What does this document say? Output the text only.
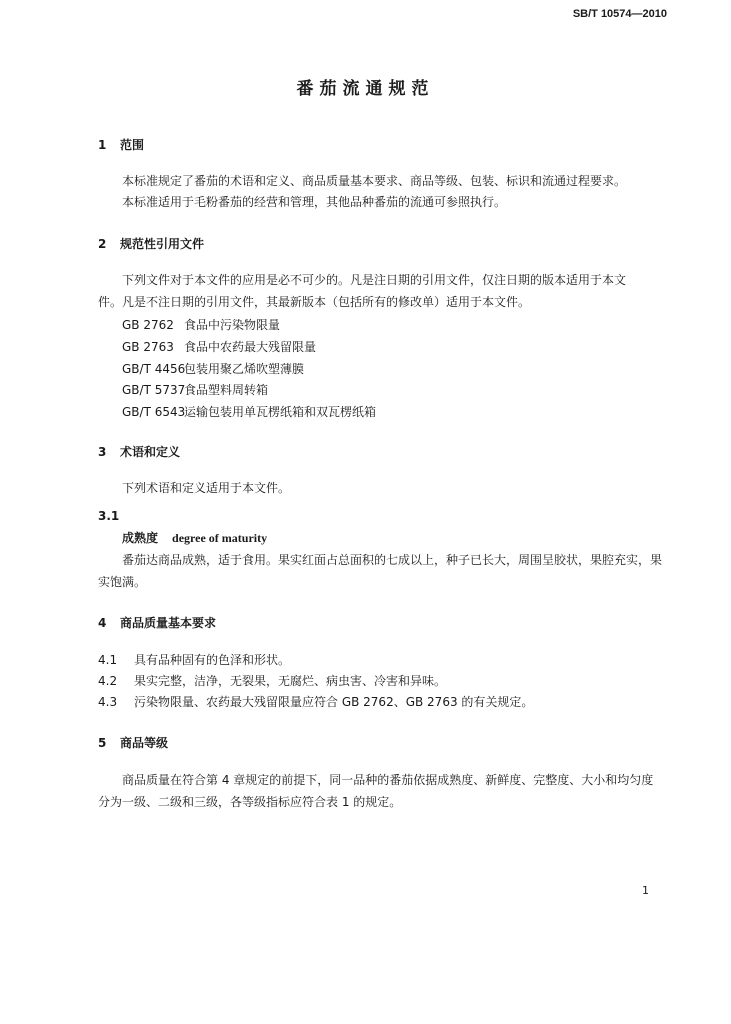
SB/T 10574—2010
番茄流通规范
1 范围
本标准规定了番茄的术语和定义、商品质量基本要求、商品等级、包装、标识和流通过程要求。
本标准适用于毛粉番茄的经营和管理，其他品种番茄的流通可参照执行。
2 规范性引用文件
下列文件对于本文件的应用是必不可少的。凡是注日期的引用文件，仅注日期的版本适用于本文
件。凡是不注日期的引用文件，其最新版本（包括所有的修改单）适用于本文件。
GB 2762 食品中污染物限量
GB 2763 食品中农药最大残留限量
GB/T 4456包装用聚乙烯吹塑薄膜
GB/T 5737食品塑料周转箱
GB/T 6543运输包装用单瓦楞纸箱和双瓦楞纸箱
3 术语和定义
下列术语和定义适用于本文件。
3.1
成熟度 degree of maturity
番茄达商品成熟，适于食用。果实红面占总面积的七成以上，种子已长大，周围呈胶状，果腔充实，果
实饱满。
4 商品质量基本要求
4.1 具有品种固有的色泽和形状。
4.2 果实完整，洁净，无裂果，无腐烂、病虫害、冷害和异味。
4.3 污染物限量、农药最大残留限量应符合 GB 2762、GB 2763 的有关规定。
5 商品等级
商品质量在符合第 4 章规定的前提下，同一品种的番茄依据成熟度、新鲜度、完整度、大小和均匀度
分为一级、二级和三级，各等级指标应符合表 1 的规定。
1
